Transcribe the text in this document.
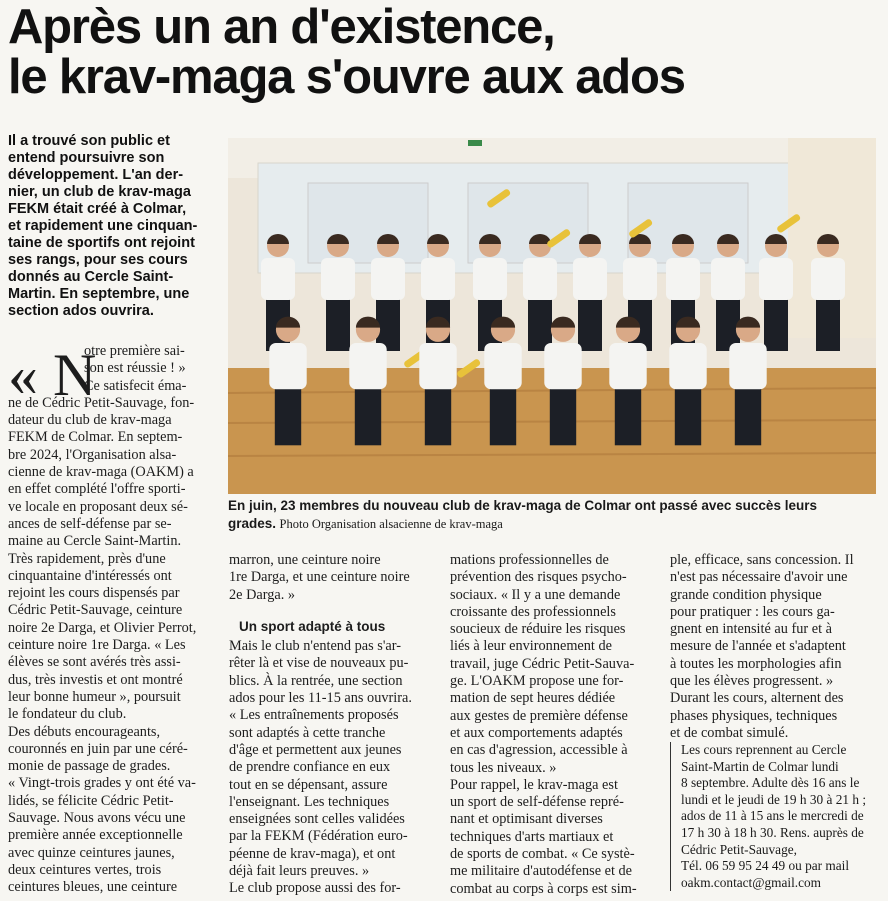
Après un an d'existence,
le krav-maga s'ouvre aux ados
Il a trouvé son public et
entend poursuivre son
développement. L'an der-
nier, un club de krav-maga
FEKM était créé à Colmar,
et rapidement une cinquan-
taine de sportifs ont rejoint
ses rangs, pour ses cours
donnés au Cercle Saint-
Martin. En septembre, une
section ados ouvrira.
En juin, 23 membres du nouveau club de krav-maga de Colmar ont passé avec succès leurs
grades. Photo Organisation alsacienne de krav-maga
« N
otre première sai-
son est réussie ! »
Ce satisfecit éma-
ne de Cédric Petit-Sauvage, fon-
dateur du club de krav-maga
FEKM de Colmar. En septem-
bre 2024, l'Organisation alsa-
cienne de krav-maga (OAKM) a
en effet complété l'offre sporti-
ve locale en proposant deux sé-
ances de self-défense par se-
maine au Cercle Saint-Martin.
Très rapidement, près d'une
cinquantaine d'intéressés ont
rejoint les cours dispensés par
Cédric Petit-Sauvage, ceinture
noire 2e Darga, et Olivier Perrot,
ceinture noire 1re Darga. « Les
élèves se sont avérés très assi-
dus, très investis et ont montré
leur bonne humeur », poursuit
le fondateur du club.
Des débuts encourageants,
couronnés en juin par une céré-
monie de passage de grades.
« Vingt-trois grades y ont été va-
lidés, se félicite Cédric Petit-
Sauvage. Nous avons vécu une
première année exceptionnelle
avec quinze ceintures jaunes,
deux ceintures vertes, trois
ceintures bleues, une ceinture
marron, une ceinture noire
1re Darga, et une ceinture noire
2e Darga. »
Un sport adapté à tous
Mais le club n'entend pas s'ar-
rêter là et vise de nouveaux pu-
blics. À la rentrée, une section
ados pour les 11-15 ans ouvrira.
« Les entraînements proposés
sont adaptés à cette tranche
d'âge et permettent aux jeunes
de prendre confiance en eux
tout en se dépensant, assure
l'enseignant. Les techniques
enseignées sont celles validées
par la FEKM (Fédération euro-
péenne de krav-maga), et ont
déjà fait leurs preuves. »
Le club propose aussi des for-
mations professionnelles de
prévention des risques psycho-
sociaux. « Il y a une demande
croissante des professionnels
soucieux de réduire les risques
liés à leur environnement de
travail, juge Cédric Petit-Sauva-
ge. L'OAKM propose une for-
mation de sept heures dédiée
aux gestes de première défense
et aux comportements adaptés
en cas d'agression, accessible à
tous les niveaux. »
Pour rappel, le krav-maga est
un sport de self-défense repré-
nant et optimisant diverses
techniques d'arts martiaux et
de sports de combat. « Ce systè-
me militaire d'autodéfense et de
combat au corps à corps est sim-
ple, efficace, sans concession. Il
n'est pas nécessaire d'avoir une
grande condition physique
pour pratiquer : les cours ga-
gnent en intensité au fur et à
mesure de l'année et s'adaptent
à toutes les morphologies afin
que les élèves progressent. »
Durant les cours, alternent des
phases physiques, techniques
et de combat simulé.
Les cours reprennent au Cercle
Saint-Martin de Colmar lundi
8 septembre. Adulte dès 16 ans le
lundi et le jeudi de 19 h 30 à 21 h ;
ados de 11 à 15 ans le mercredi de
17 h 30 à 18 h 30. Rens. auprès de
Cédric Petit-Sauvage,
Tél. 06 59 95 24 49 ou par mail
oakm.contact@gmail.com
